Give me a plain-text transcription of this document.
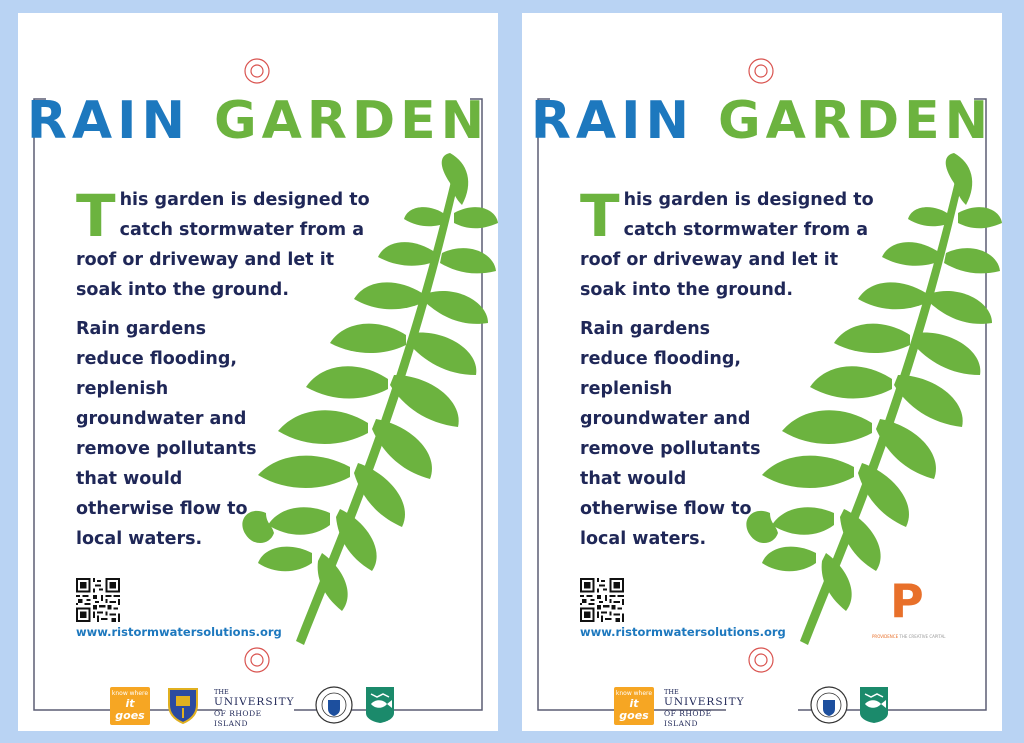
RAIN GARDEN
This garden is designed to catch stormwater from a roof or driveway and let it soak into the ground.
Rain gardens reduce flooding, replenish groundwater and remove pollutants that would otherwise flow to local waters.
www.ristormwatersolutions.org
know where
it goes
THE
UNIVERSITY
OF RHODE ISLAND
RAIN GARDEN
This garden is designed to catch stormwater from a roof or driveway and let it soak into the ground.
Rain gardens reduce flooding, replenish groundwater and remove pollutants that would otherwise flow to local waters.
www.ristormwatersolutions.org
P
PROVIDENCE THE CREATIVE CAPITAL
know where
it goes
THE
UNIVERSITY
OF RHODE ISLAND
